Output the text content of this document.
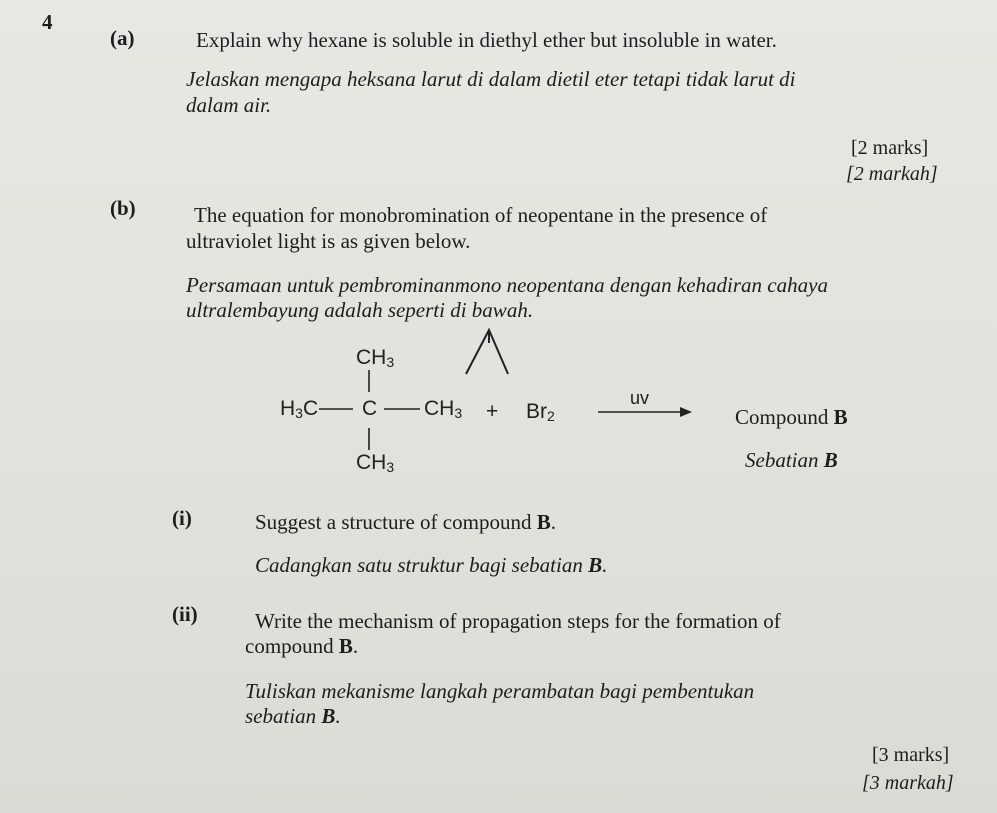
4
(a)	Explain why hexane is soluble in diethyl ether but insoluble in water.
Jelaskan mengapa heksana larut di dalam dietil eter tetapi tidak larut di
dalam air.
[2 marks]
[2 markah]
(b)	The equation for monobromination of neopentane in the presence of
ultraviolet light is as given below.
Persamaan untuk pembrominanmono neopentana dengan kehadiran cahaya
ultralembayung adalah seperti di bawah.
$CH_3$
$H_3C$ C $CH_3$
$CH_3$
+ $Br_2$
uv
Compound B
Sebatian B
(i)	Suggest a structure of compound B.
Cadangkan satu struktur bagi sebatian B.
(ii)	Write the mechanism of propagation steps for the formation of
compound B.
Tuliskan mekanisme langkah perambatan bagi pembentukan
sebatian B.
[3 marks]
[3 markah]
